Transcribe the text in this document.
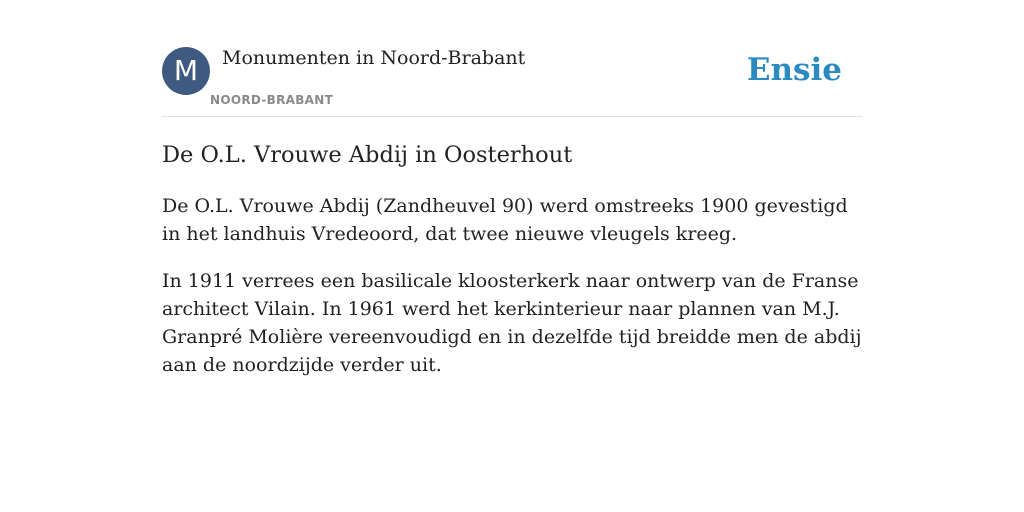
M	Monumenten in Noord-Brabant
NOORD-BRABANT
Ensie
De O.L. Vrouwe Abdij in Oosterhout

De O.L. Vrouwe Abdij (Zandheuvel 90) werd omstreeks 1900 gevestigd in het landhuis Vredeoord, dat twee nieuwe vleugels kreeg.

In 1911 verrees een basilicale kloosterkerk naar ontwerp van de Franse architect Vilain. In 1961 werd het kerkinterieur naar plannen van M.J. Granpré Molière vereenvoudigd en in dezelfde tijd breidde men de abdij aan de noordzijde verder uit.
